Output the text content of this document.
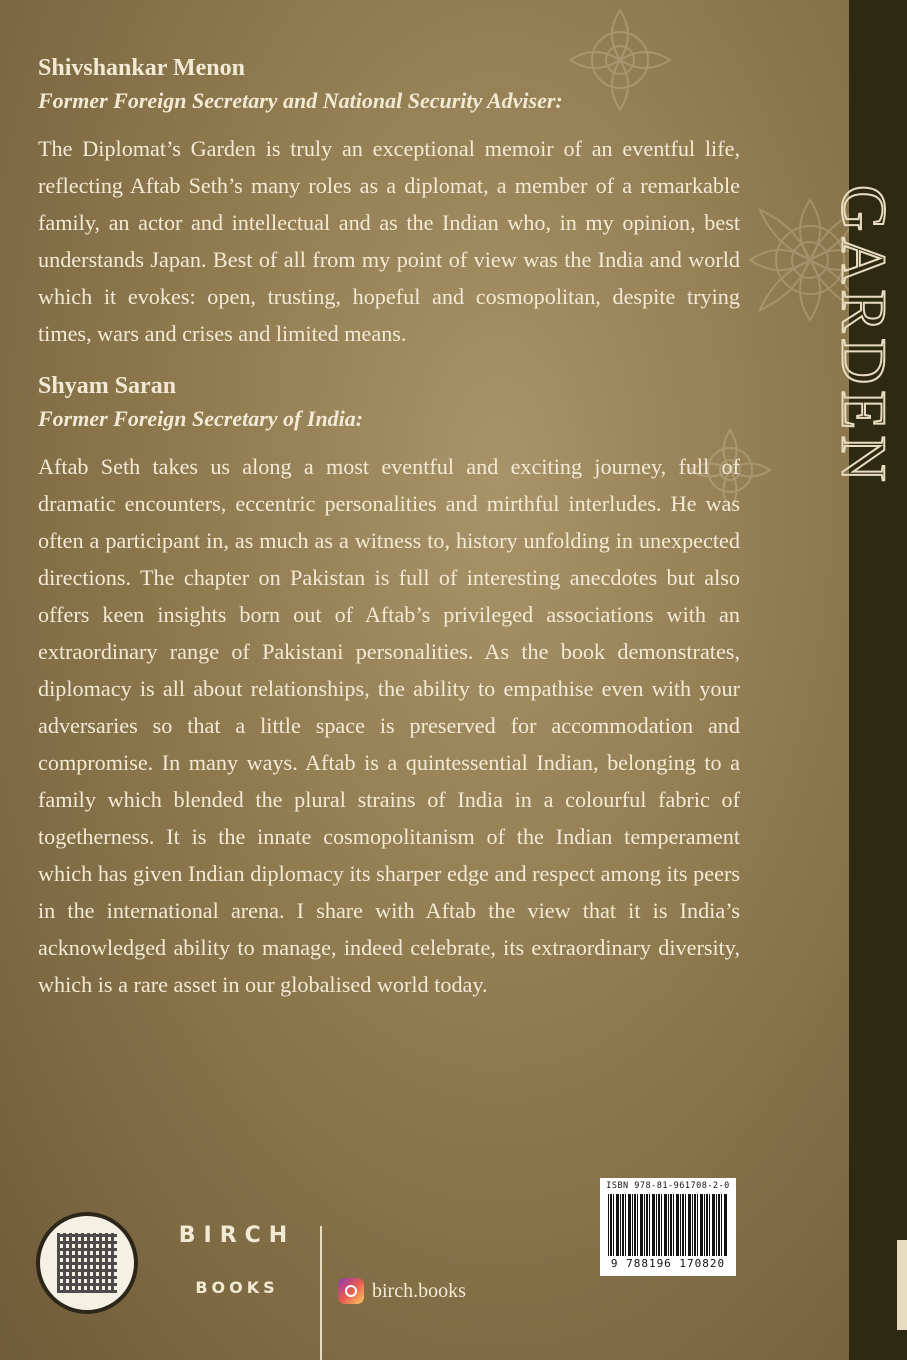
GARDEN

Shivshankar Menon

Former Foreign Secretary and National Security Adviser:

The Diplomat’s Garden is truly an exceptional memoir of an eventful life, reflecting Aftab Seth’s many roles as a diplomat, a member of a remarkable family, an actor and intellectual and as the Indian who, in my opinion, best understands Japan. Best of all from my point of view was the India and world which it evokes: open, trusting, hopeful and cosmopolitan, despite trying times, wars and crises and limited means.

Shyam Saran

Former Foreign Secretary of India:

Aftab Seth takes us along a most eventful and exciting journey, full of dramatic encounters, eccentric personalities and mirthful interludes. He was often a participant in, as much as a witness to, history unfolding in unexpected directions. The chapter on Pakistan is full of interesting anecdotes but also offers keen insights born out of Aftab’s privileged associations with an extraordinary range of Pakistani personalities. As the book demonstrates, diplomacy is all about relationships, the ability to empathise even with your adversaries so that a little space is preserved for accommodation and compromise. In many ways. Aftab is a quintessential Indian, belonging to a family which blended the plural strains of India in a colourful fabric of togetherness. It is the innate cosmopolitanism of the Indian temperament which has given Indian diplomacy its sharper edge and respect among its peers in the international arena. I share with Aftab the view that it is India’s acknowledged ability to manage, indeed celebrate, its extraordinary diversity, which is a rare asset in our globalised world today.

BIRCH
BOOKS	birch.books
ISBN 978-81-961708-2-0
9 788196 170820
